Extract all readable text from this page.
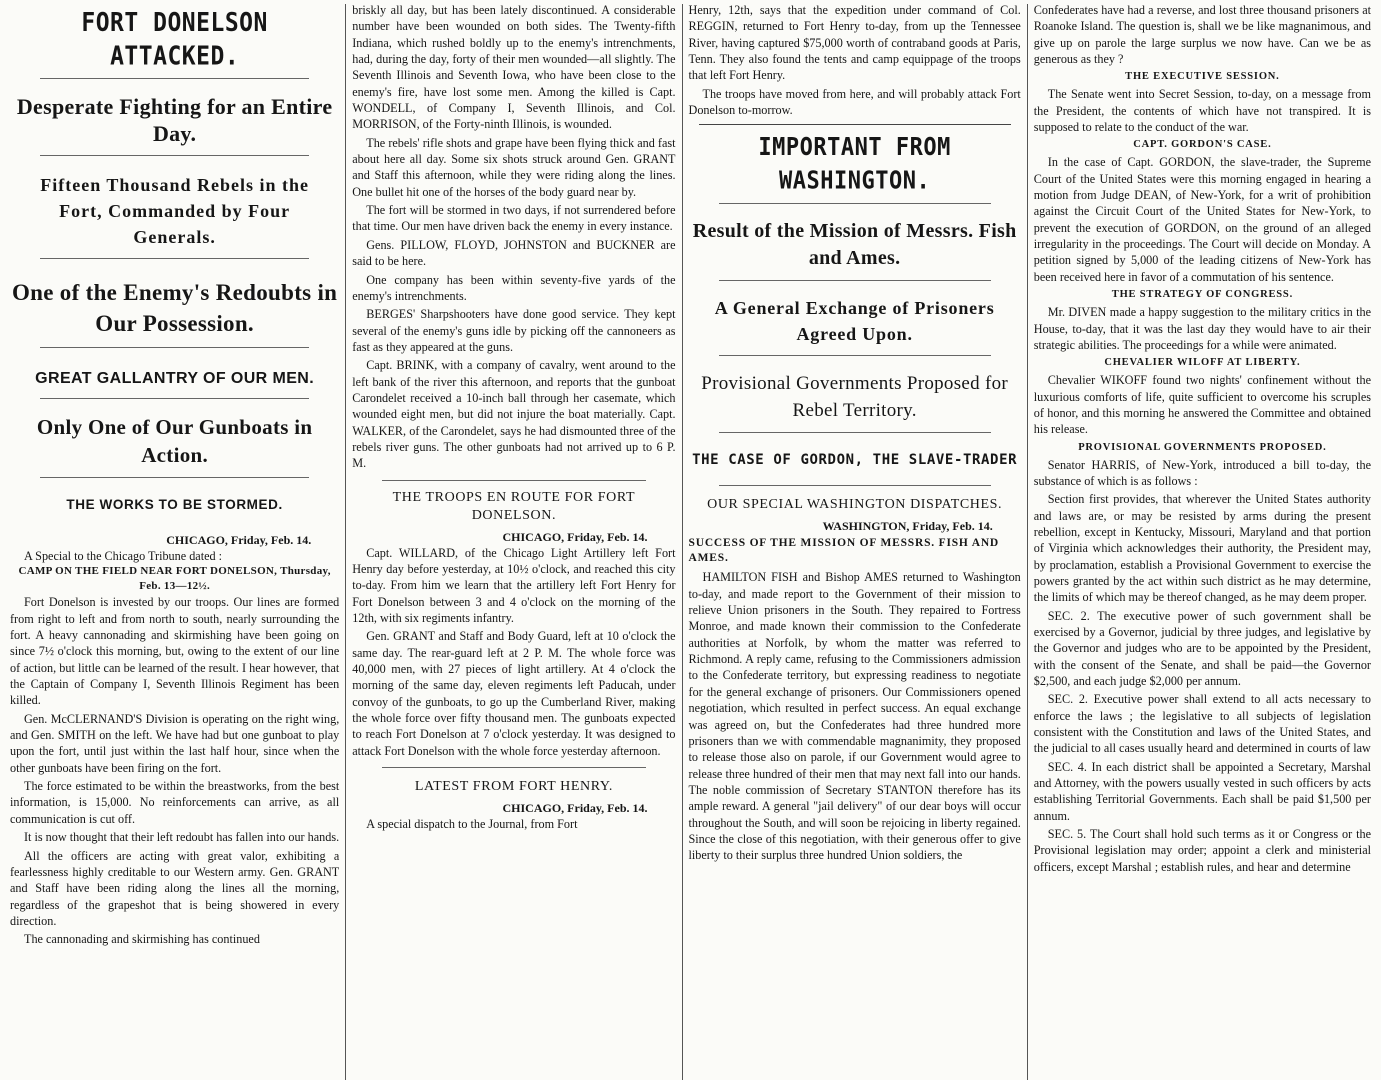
FORT DONELSON ATTACKED.
Desperate Fighting for an Entire Day.
Fifteen Thousand Rebels in the Fort, Commanded by Four Generals.
One of the Enemy's Redoubts in Our Possession.
GREAT GALLANTRY OF OUR MEN.
Only One of Our Gunboats in Action.
THE WORKS TO BE STORMED.
CHICAGO, Friday, Feb. 14.

A Special to the Chicago Tribune dated :

CAMP ON THE FIELD NEAR FORT DONELSON, Thursday, Feb. 13—12½.

Fort Donelson is invested by our troops. Our lines are formed from right to left and from north to south, nearly surrounding the fort. A heavy cannonading and skirmishing have been going on since 7½ o'clock this morning, but, owing to the extent of our line of action, but little can be learned of the result. I hear however, that the Captain of Company I, Seventh Illinois Regiment has been killed.

Gen. McCLERNAND'S Division is operating on the right wing, and Gen. SMITH on the left. We have had but one gunboat to play upon the fort, until just within the last half hour, since when the other gunboats have been firing on the fort.

The force estimated to be within the breastworks, from the best information, is 15,000. No reinforcements can arrive, as all communication is cut off.

It is now thought that their left redoubt has fallen into our hands.

All the officers are acting with great valor, exhibiting a fearlessness highly creditable to our Western army. Gen. GRANT and Staff have been riding along the lines all the morning, regardless of the grapeshot that is being showered in every direction.

The cannonading and skirmishing has continued

briskly all day, but has been lately discontinued. A considerable number have been wounded on both sides. The Twenty-fifth Indiana, which rushed boldly up to the enemy's intrenchments, had, during the day, forty of their men wounded—all slightly. The Seventh Illinois and Seventh Iowa, who have been close to the enemy's fire, have lost some men. Among the killed is Capt. WONDELL, of Company I, Seventh Illinois, and Col. MORRISON, of the Forty-ninth Illinois, is wounded.

The rebels' rifle shots and grape have been flying thick and fast about here all day. Some six shots struck around Gen. GRANT and Staff this afternoon, while they were riding along the lines. One bullet hit one of the horses of the body guard near by.

The fort will be stormed in two days, if not surrendered before that time. Our men have driven back the enemy in every instance.

Gens. PILLOW, FLOYD, JOHNSTON and BUCKNER are said to be here.

One company has been within seventy-five yards of the enemy's intrenchments.

BERGES' Sharpshooters have done good service. They kept several of the enemy's guns idle by picking off the cannoneers as fast as they appeared at the guns.

Capt. BRINK, with a company of cavalry, went around to the left bank of the river this afternoon, and reports that the gunboat Carondelet received a 10-inch ball through her casemate, which wounded eight men, but did not injure the boat materially. Capt. WALKER, of the Carondelet, says he had dismounted three of the rebels river guns. The other gunboats had not arrived up to 6 P. M.

THE TROOPS EN ROUTE FOR FORT DONELSON.
CHICAGO, Friday, Feb. 14.

Capt. WILLARD, of the Chicago Light Artillery left Fort Henry day before yesterday, at 10½ o'clock, and reached this city to-day. From him we learn that the artillery left Fort Henry for Fort Donelson between 3 and 4 o'clock on the morning of the 12th, with six regiments infantry.

Gen. GRANT and Staff and Body Guard, left at 10 o'clock the same day. The rear-guard left at 2 P. M. The whole force was 40,000 men, with 27 pieces of light artillery. At 4 o'clock the morning of the same day, eleven regiments left Paducah, under convoy of the gunboats, to go up the Cumberland River, making the whole force over fifty thousand men. The gunboats expected to reach Fort Donelson at 7 o'clock yesterday. It was designed to attack Fort Donelson with the whole force yesterday afternoon.

LATEST FROM FORT HENRY.
CHICAGO, Friday, Feb. 14.

A special dispatch to the Journal, from Fort

Henry, 12th, says that the expedition under command of Col. REGGIN, returned to Fort Henry to-day, from up the Tennessee River, having captured $75,000 worth of contraband goods at Paris, Tenn. They also found the tents and camp equippage of the troops that left Fort Henry.

The troops have moved from here, and will probably attack Fort Donelson to-morrow.

IMPORTANT FROM WASHINGTON.
Result of the Mission of Messrs. Fish and Ames.
A General Exchange of Prisoners Agreed Upon.
Provisional Governments Proposed for Rebel Territory.
THE CASE OF GORDON, THE SLAVE-TRADER
OUR SPECIAL WASHINGTON DISPATCHES.
WASHINGTON, Friday, Feb. 14.
SUCCESS OF THE MISSION OF MESSRS. FISH AND AMES.

HAMILTON FISH and Bishop AMES returned to Washington to-day, and made report to the Government of their mission to relieve Union prisoners in the South. They repaired to Fortress Monroe, and made known their commission to the Confederate authorities at Norfolk, by whom the matter was referred to Richmond. A reply came, refusing to the Commissioners admission to the Confederate territory, but expressing readiness to negotiate for the general exchange of prisoners. Our Commissioners opened negotiation, which resulted in perfect success. An equal exchange was agreed on, but the Confederates had three hundred more prisoners than we with commendable magnanimity, they proposed to release those also on parole, if our Government would agree to release three hundred of their men that may next fall into our hands. The noble commission of Secretary STANTON therefore has its ample reward. A general "jail delivery" of our dear boys will occur throughout the South, and will soon be rejoicing in liberty regained. Since the close of this negotiation, with their generous offer to give liberty to their surplus three hundred Union soldiers, the

Confederates have had a reverse, and lost three thousand prisoners at Roanoke Island. The question is, shall we be like magnanimous, and give up on parole the large surplus we now have. Can we be as generous as they ?

THE EXECUTIVE SESSION.

The Senate went into Secret Session, to-day, on a message from the President, the contents of which have not transpired. It is supposed to relate to the conduct of the war.

CAPT. GORDON'S CASE.

In the case of Capt. GORDON, the slave-trader, the Supreme Court of the United States were this morning engaged in hearing a motion from Judge DEAN, of New-York, for a writ of prohibition against the Circuit Court of the United States for New-York, to prevent the execution of GORDON, on the ground of an alleged irregularity in the proceedings. The Court will decide on Monday. A petition signed by 5,000 of the leading citizens of New-York has been received here in favor of a commutation of his sentence.

THE STRATEGY OF CONGRESS.

Mr. DIVEN made a happy suggestion to the military critics in the House, to-day, that it was the last day they would have to air their strategic abilities. The proceedings for a while were animated.

CHEVALIER WILOFF AT LIBERTY.

Chevalier WIKOFF found two nights' confinement without the luxurious comforts of life, quite sufficient to overcome his scruples of honor, and this morning he answered the Committee and obtained his release.

PROVISIONAL GOVERNMENTS PROPOSED.

Senator HARRIS, of New-York, introduced a bill to-day, the substance of which is as follows :

Section first provides, that wherever the United States authority and laws are, or may be resisted by arms during the present rebellion, except in Kentucky, Missouri, Maryland and that portion of Virginia which acknowledges their authority, the President may, by proclamation, establish a Provisional Government to exercise the powers granted by the act within such district as he may determine, the limits of which may be thereof changed, as he may deem proper.

SEC. 2. The executive power of such government shall be exercised by a Governor, judicial by three judges, and legislative by the Governor and judges who are to be appointed by the President, with the consent of the Senate, and shall be paid—the Governor $2,500, and each judge $2,000 per annum.

SEC. 2. Executive power shall extend to all acts necessary to enforce the laws ; the legislative to all subjects of legislation consistent with the Constitution and laws of the United States, and the judicial to all cases usually heard and determined in courts of law

SEC. 4. In each district shall be appointed a Secretary, Marshal and Attorney, with the powers usually vested in such officers by acts establishing Territorial Governments. Each shall be paid $1,500 per annum.

SEC. 5. The Court shall hold such terms as it or Congress or the Provisional legislation may order; appoint a clerk and ministerial officers, except Marshal ; establish rules, and hear and determine
